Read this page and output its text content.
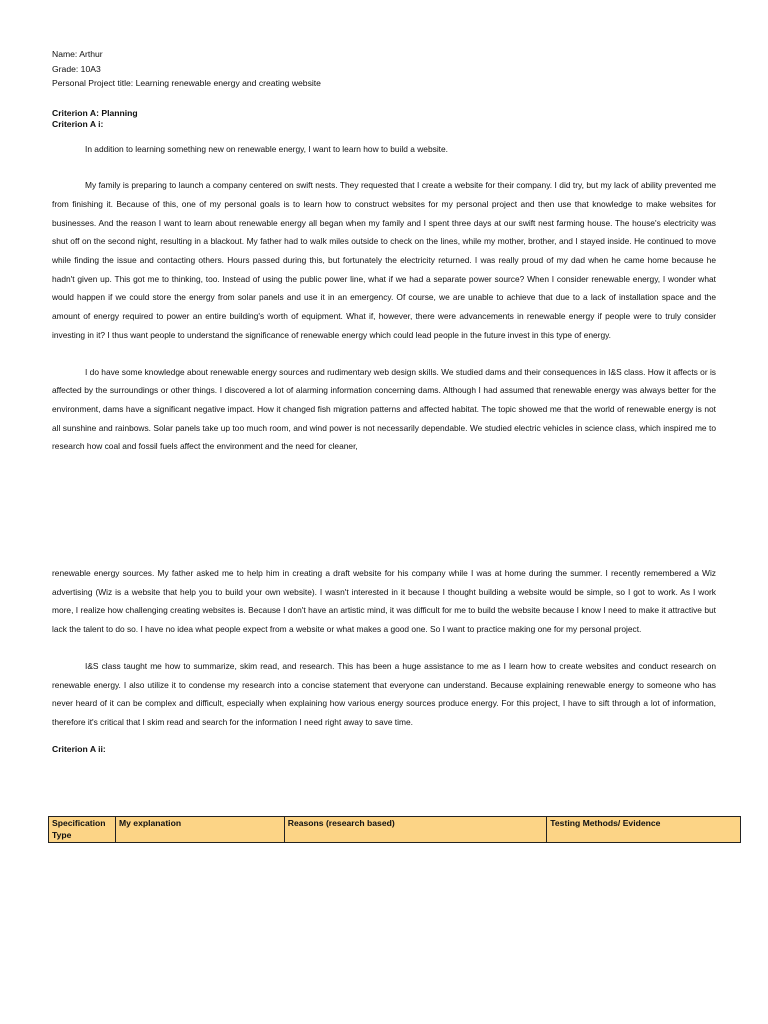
Name: Arthur
Grade: 10A3
Personal Project title: Learning renewable energy and creating website
Criterion A: Planning
Criterion A i:

In addition to learning something new on renewable energy, I want to learn how to build a website.

My family is preparing to launch a company centered on swift nests. They requested that I create a website for their company. I did try, but my lack of ability prevented me from finishing it. Because of this, one of my personal goals is to learn how to construct websites for my personal project and then use that knowledge to make websites for businesses. And the reason I want to learn about renewable energy all began when my family and I spent three days at our swift nest farming house. The house's electricity was shut off on the second night, resulting in a blackout. My father had to walk miles outside to check on the lines, while my mother, brother, and I stayed inside. He continued to move while finding the issue and contacting others. Hours passed during this, but fortunately the electricity returned. I was really proud of my dad when he came home because he hadn't given up. This got me to thinking, too. Instead of using the public power line, what if we had a separate power source? When I consider renewable energy, I wonder what would happen if we could store the energy from solar panels and use it in an emergency. Of course, we are unable to achieve that due to a lack of installation space and the amount of energy required to power an entire building's worth of equipment. What if, however, there were advancements in renewable energy if people were to truly consider investing in it? I thus want people to understand the significance of renewable energy which could lead people in the future invest in this type of energy.

I do have some knowledge about renewable energy sources and rudimentary web design skills. We studied dams and their consequences in I&S class. How it affects or is affected by the surroundings or other things. I discovered a lot of alarming information concerning dams. Although I had assumed that renewable energy was always better for the environment, dams have a significant negative impact. How it changed fish migration patterns and affected habitat. The topic showed me that the world of renewable energy is not all sunshine and rainbows. Solar panels take up too much room, and wind power is not necessarily dependable. We studied electric vehicles in science class, which inspired me to research how coal and fossil fuels affect the environment and the need for cleaner,

renewable energy sources. My father asked me to help him in creating a draft website for his company while I was at home during the summer. I recently remembered a Wiz advertising (Wiz is a website that help you to build your own website). I wasn't interested in it because I thought building a website would be simple, so I got to work. As I work more, I realize how challenging creating websites is. Because I don't have an artistic mind, it was difficult for me to build the website because I know I need to make it attractive but lack the talent to do so. I have no idea what people expect from a website or what makes a good one. So I want to practice making one for my personal project.

I&S class taught me how to summarize, skim read, and research. This has been a huge assistance to me as I learn how to create websites and conduct research on renewable energy. I also utilize it to condense my research into a concise statement that everyone can understand. Because explaining renewable energy to someone who has never heard of it can be complex and difficult, especially when explaining how various energy sources produce energy. For this project, I have to sift through a lot of information, therefore it's critical that I skim read and search for the information I need right away to save time.

Criterion A ii:
Specification Type	My explanation	Reasons (research based)	Testing Methods/ Evidence
